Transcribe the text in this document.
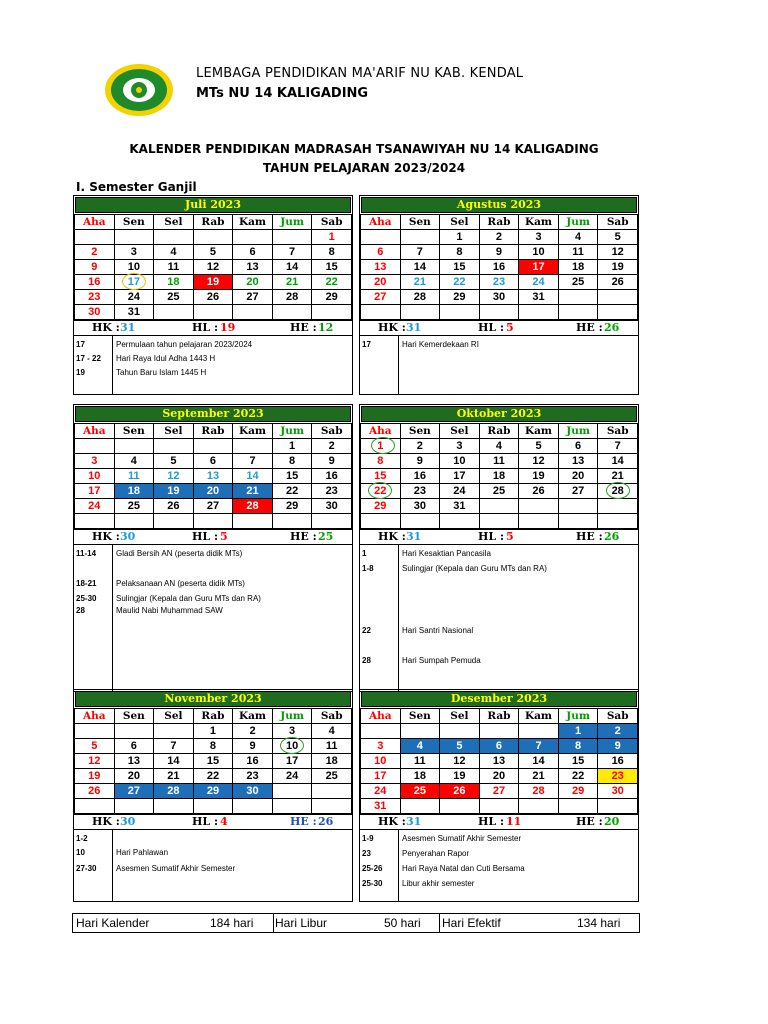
LEMBAGA PENDIDIKAN MA'ARIF NU KAB. KENDAL
MTs NU 14 KALIGADING
KALENDER PENDIDIKAN MADRASAH TSANAWIYAH NU 14 KALIGADING
TAHUN PELAJARAN 2023/2024
I. Semester Ganjil
Juli 2023
Aha	Sen	Sel	Rab	Kam	Jum	Sab
						1
2	3	4	5	6	7	8
9	10	11	12	13	14	15
16	17	18	19	20	21	22
23	24	25	26	27	28	29
30	31					
HK : 31	HL : 19	HE : 12
17	Permulaan tahun pelajaran 2023/2024
17 - 22 Hari Raya Idul Adha 1443 H
19	Tahun Baru Islam 1445 H
Agustus 2023
Aha	Sen	Sel	Rab	Kam	Jum	Sab
		1	2	3	4	5
6	7	8	9	10	11	12
13	14	15	16	17	18	19
20	21	22	23	24	25	26
27	28	29	30	31		

HK : 31	HL : 5	HE : 26
17	Hari Kemerdekaan RI
September 2023
Aha	Sen	Sel	Rab	Kam	Jum	Sab
					1	2
3	4	5	6	7	8	9
10	11	12	13	14	15	16
17	18	19	20	21	22	23
24	25	26	27	28	29	30

HK : 30	HL : 5	HE : 25
11-14 Gladi Bersih AN (peserta didik MTs)
18-21 Pelaksanaan AN (peserta didik MTs)
25-30 Sulingjar (Kepala dan Guru MTs dan RA)
28	Maulid Nabi Muhammad SAW
Oktober 2023
Aha	Sen	Sel	Rab	Kam	Jum	Sab
1	2	3	4	5	6	7
8	9	10	11	12	13	14
15	16	17	18	19	20	21
22	23	24	25	26	27	28
29	30	31				

HK : 31	HL : 5	HE : 26
1	Hari Kesaktian Pancasila
1-8	Sulingjar (Kepala dan Guru MTs dan RA)
22	Hari Santri Nasional
28	Hari Sumpah Pemuda
November 2023
Aha	Sen	Sel	Rab	Kam	Jum	Sab
			1	2	3	4
5	6	7	8	9	10	11
12	13	14	15	16	17	18
19	20	21	22	23	24	25
26	27	28	29	30		

HK : 30	HL : 4	HE : 26
1-2
10	Hari Pahlawan
27-30 Asesmen Sumatif Akhir Semester
Desember 2023
Aha	Sen	Sel	Rab	Kam	Jum	Sab
					1	2
3	4	5	6	7	8	9
10	11	12	13	14	15	16
17	18	19	20	21	22	23
24	25	26	27	28	29	30
31						
HK : 31	HL : 11	HE : 20
1-9	Asesmen Sumatif Akhir Semester
23	Penyerahan Rapor
25-26 Hari Raya Natal dan Cuti Bersama
25-30 Libur akhir semester
Hari Kalender	184 hari Hari Libur	50 hari Hari Efektif	134 hari
